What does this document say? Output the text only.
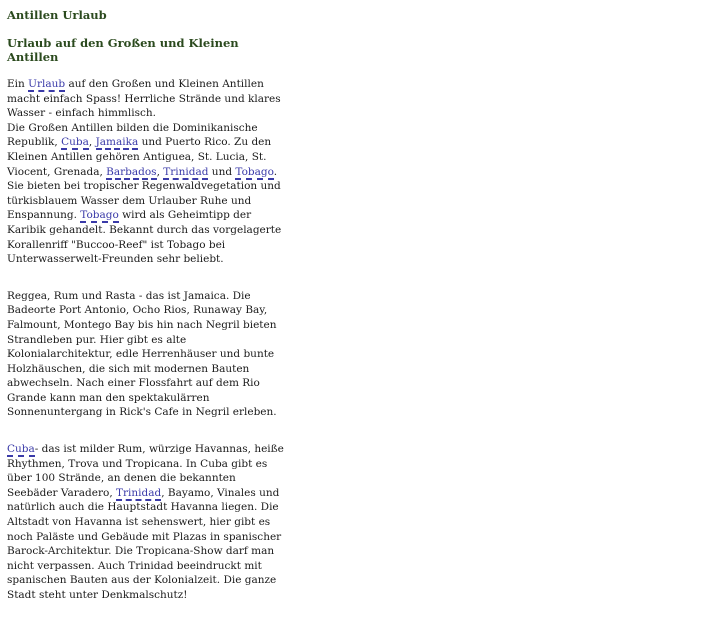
Antillen Urlaub
Urlaub auf den Großen und Kleinen Antillen

Ein Urlaub auf den Großen und Kleinen Antillen macht einfach Spass! Herrliche Strände und klares Wasser - einfach himmlisch.
Die Großen Antillen bilden die Dominikanische Republik, Cuba, Jamaika und Puerto Rico. Zu den Kleinen Antillen gehören Antiguea, St. Lucia, St. Viocent, Grenada, Barbados, Trinidad und Tobago. Sie bieten bei tropischer Regenwaldvegetation und türkisblauem Wasser dem Urlauber Ruhe und Enspannung. Tobago wird als Geheimtipp der Karibik gehandelt. Bekannt durch das vorgelagerte Korallenriff "Buccoo-Reef" ist Tobago bei Unterwasserwelt-Freunden sehr beliebt.

Reggea, Rum und Rasta - das ist Jamaica. Die Badeorte Port Antonio, Ocho Rios, Runaway Bay, Falmount, Montego Bay bis hin nach Negril bieten Strandleben pur. Hier gibt es alte Kolonialarchitektur, edle Herrenhäuser und bunte Holzhäuschen, die sich mit modernen Bauten abwechseln. Nach einer Flossfahrt auf dem Rio Grande kann man den spektakulärren Sonnenuntergang in Rick's Cafe in Negril erleben.

Cuba- das ist milder Rum, würzige Havannas, heiße Rhythmen, Trova und Tropicana. In Cuba gibt es über 100 Strände, an denen die bekannten Seebäder Varadero, Trinidad, Bayamo, Vinales und natürlich auch die Hauptstadt Havanna liegen. Die Altstadt von Havanna ist sehenswert, hier gibt es noch Paläste und Gebäude mit Plazas in spanischer Barock-Architektur. Die Tropicana-Show darf man nicht verpassen. Auch Trinidad beeindruckt mit spanischen Bauten aus der Kolonialzeit. Die ganze Stadt steht unter Denkmalschutz!
